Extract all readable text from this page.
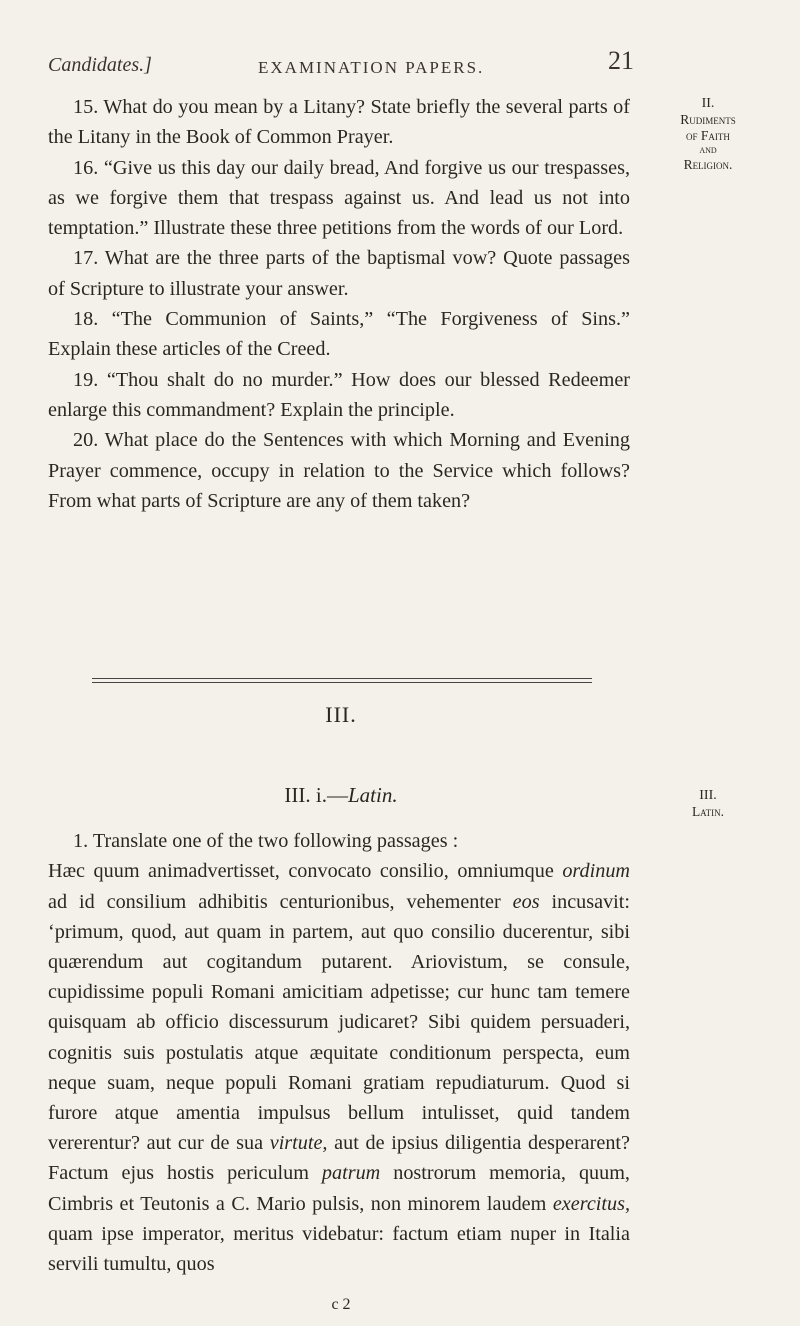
Candidates.]	EXAMINATION PAPERS.	21

15. What do you mean by a Litany? State briefly the several parts of the Litany in the Book of Common Prayer.

16. “Give us this day our daily bread, And forgive us our trespasses, as we forgive them that trespass against us. And lead us not into temptation.” Illustrate these three petitions from the words of our Lord.

17. What are the three parts of the baptismal vow? Quote passages of Scripture to illustrate your answer.

18. “The Communion of Saints,” “The Forgiveness of Sins.” Explain these articles of the Creed.

19. “Thou shalt do no murder.” How does our blessed Redeemer enlarge this commandment? Explain the principle.

20. What place do the Sentences with which Morning and Evening Prayer commence, occupy in relation to the Service which follows? From what parts of Scripture are any of them taken?

II.
Rudiments
of Faith
and
Religion.
III.
III. i.—Latin.	III.
Latin.

1. Translate one of the two following passages :

Hæc quum animadvertisset, convocato consilio, omniumque ordinum ad id consilium adhibitis centurionibus, vehementer eos incusavit: ‘primum, quod, aut quam in partem, aut quo consilio ducerentur, sibi quærendum aut cogitandum putarent. Ariovistum, se consule, cupidissime populi Romani amicitiam adpetisse; cur hunc tam temere quisquam ab officio discessurum judicaret? Sibi quidem persuaderi, cognitis suis postulatis atque æquitate conditionum perspecta, eum neque suam, neque populi Romani gratiam repudiaturum. Quod si furore atque amentia impulsus bellum intulisset, quid tandem vererentur? aut cur de sua virtute, aut de ipsius diligentia desperarent? Factum ejus hostis periculum patrum nostrorum memoria, quum, Cimbris et Teutonis a C. Mario pulsis, non minorem laudem exercitus, quam ipse imperator, meritus videbatur: factum etiam nuper in Italia servili tumultu, quos

c 2
